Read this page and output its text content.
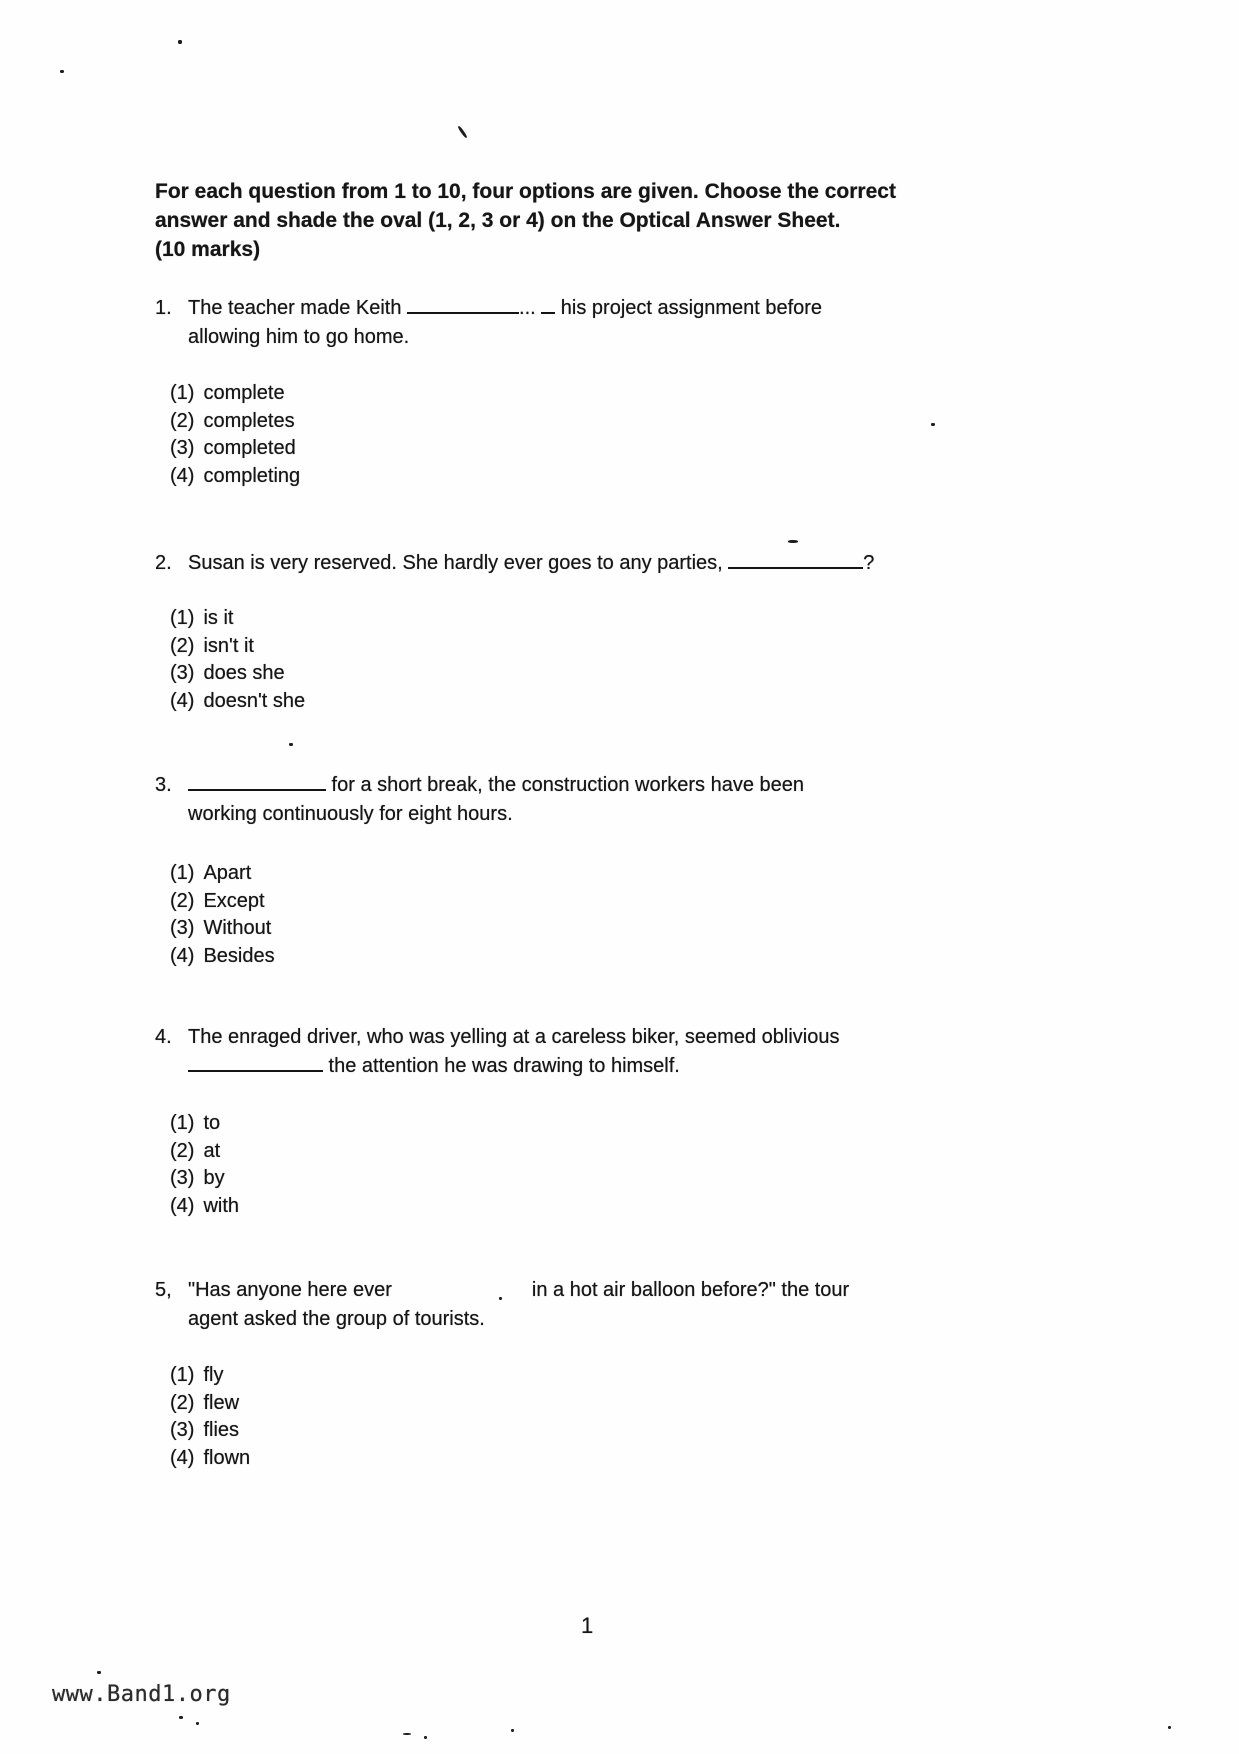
For each question from 1 to 10, four options are given. Choose the correct
answer and shade the oval (1, 2, 3 or 4) on the Optical Answer Sheet.
(10 marks)
1. The teacher made Keith	...  his project assignment before
allowing him to go home.
(1) complete
(2) completes
(3) completed
(4) completing
2. Susan is very reserved. She hardly ever goes to any parties,	?
(1) is it
(2) isn't it
(3) does she
(4) doesn't she
3.	for a short break, the construction workers have been
working continuously for eight hours.
(1) Apart
(2) Except
(3) Without
(4) Besides
4. The enraged driver, who was yelling at a careless biker, seemed oblivious
the attention he was drawing to himself.
(1) to
(2) at
(3) by
(4) with
5, "Has anyone here ever	in a hot air balloon before?" the tour
agent asked the group of tourists.
(1) fly
(2) flew
(3) flies
(4) flown
1
www.Band1.org
